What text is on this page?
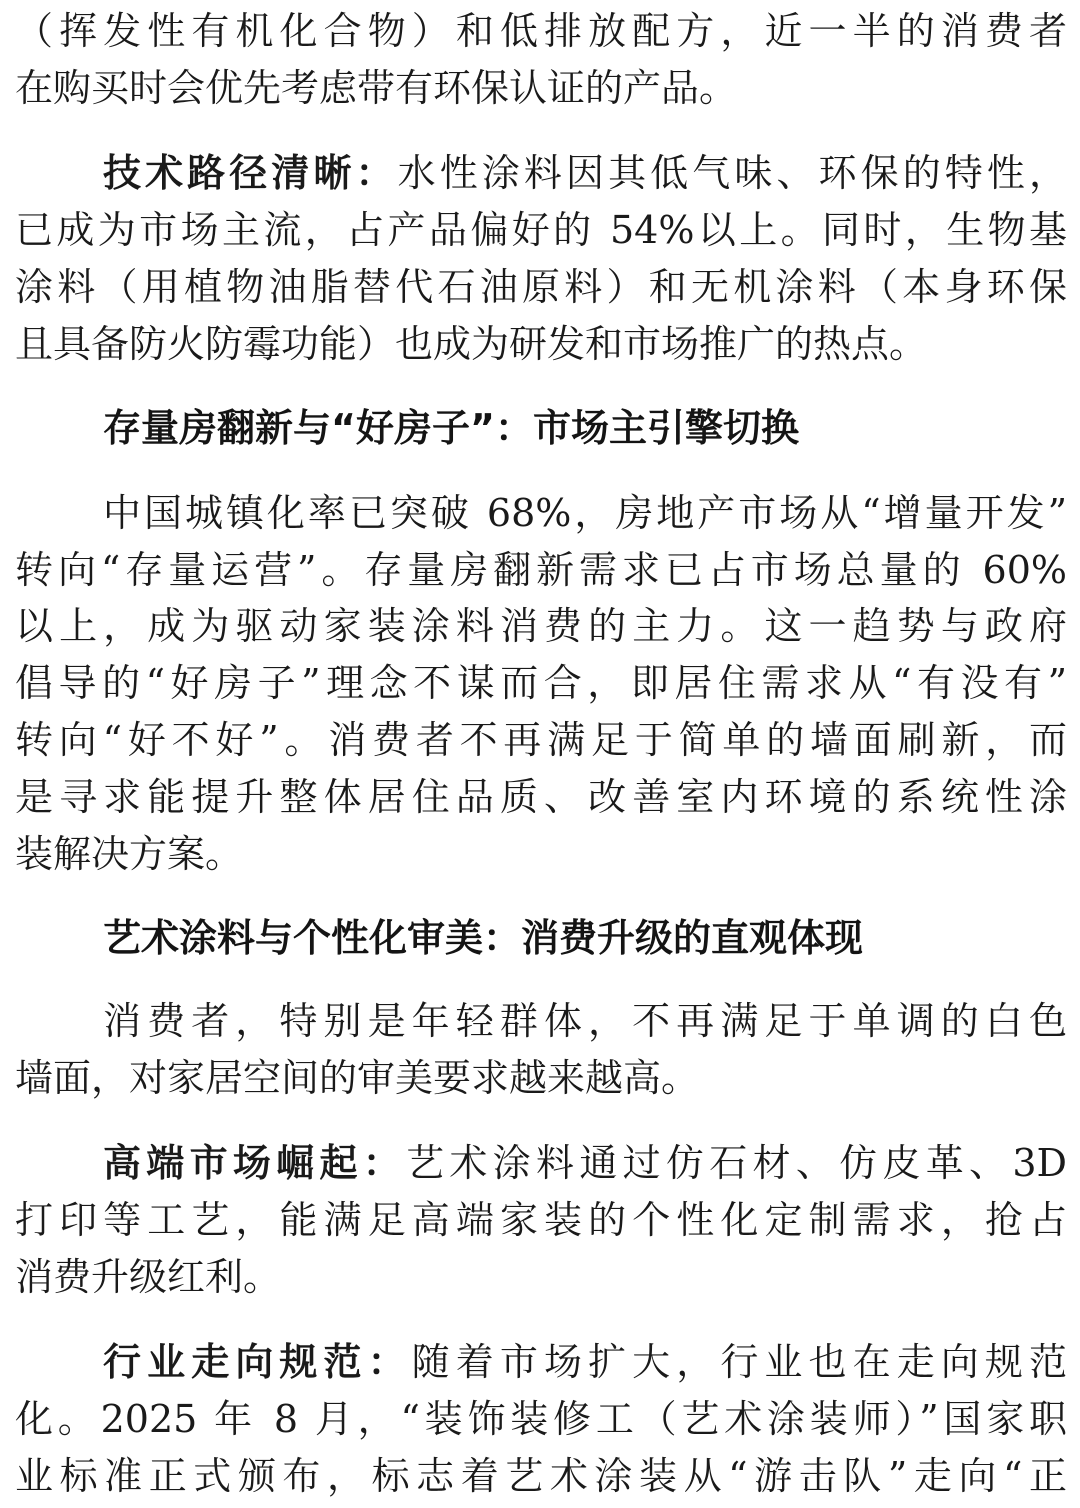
（挥发性有机化合物）和低排放配方，近一半的消费者
在购买时会优先考虑带有环保认证的产品。
技术路径清晰：水性涂料因其低气味、环保的特性，
已成为市场主流，占产品偏好的 54%以上。同时，生物基
涂料（用植物油脂替代石油原料）和无机涂料（本身环保
且具备防火防霉功能）也成为研发和市场推广的热点。
存量房翻新与“好房子”：市场主引擎切换
中国城镇化率已突破 68%，房地产市场从“增量开发”
转向“存量运营”。存量房翻新需求已占市场总量的 60%
以上，成为驱动家装涂料消费的主力。这一趋势与政府
倡导的“好房子”理念不谋而合，即居住需求从“有没有”
转向“好不好”。消费者不再满足于简单的墙面刷新，而
是寻求能提升整体居住品质、改善室内环境的系统性涂
装解决方案。
艺术涂料与个性化审美：消费升级的直观体现
消费者，特别是年轻群体，不再满足于单调的白色
墙面，对家居空间的审美要求越来越高。
高端市场崛起：艺术涂料通过仿石材、仿皮革、3D
打印等工艺，能满足高端家装的个性化定制需求，抢占
消费升级红利。
行业走向规范：随着市场扩大，行业也在走向规范
化。2025 年 8 月，“装饰装修工（艺术涂装师）”国家职
业标准正式颁布，标志着艺术涂装从“游击队”走向“正
